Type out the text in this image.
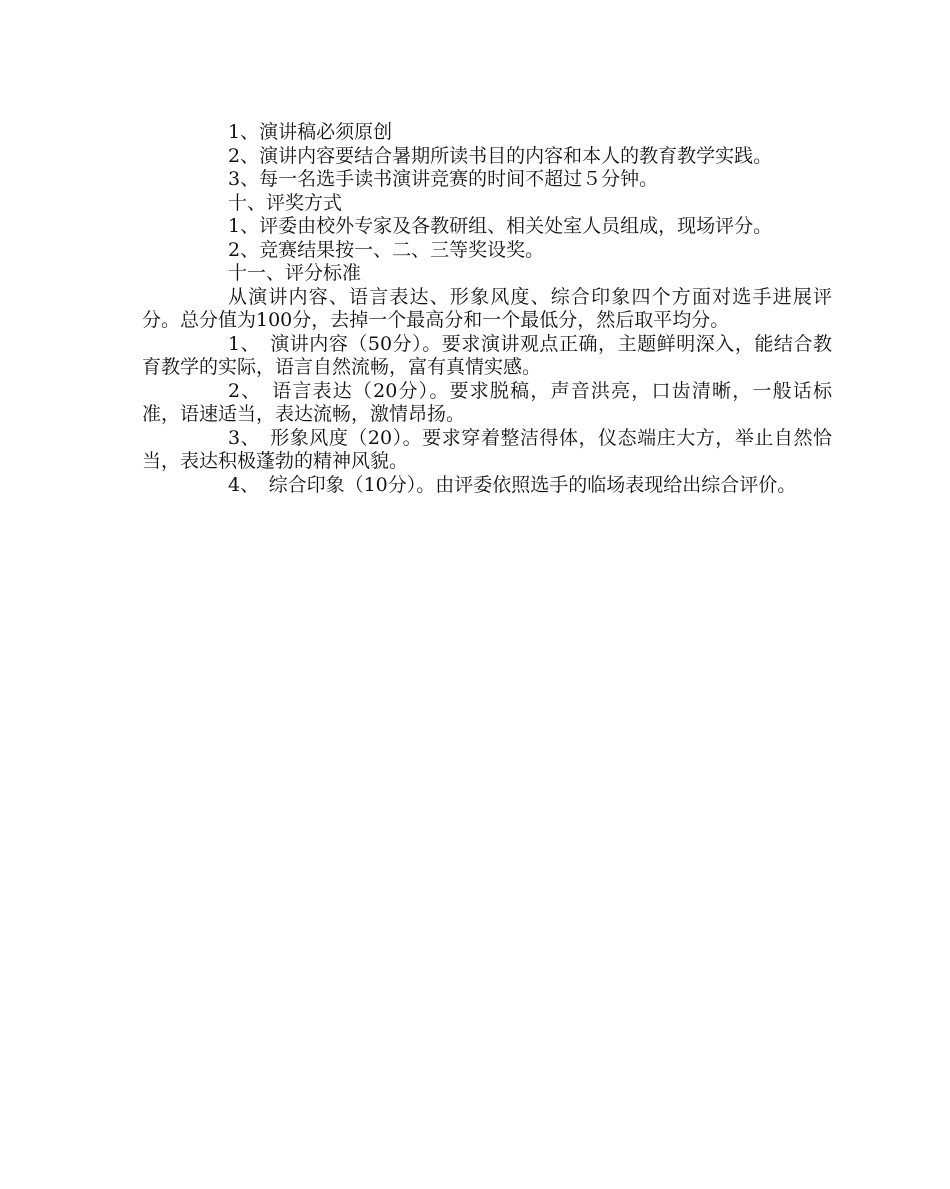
1、演讲稿必须原创

2、演讲内容要结合暑期所读书目的内容和本人的教育教学实践。

3、每一名选手读书演讲竞赛的时间不超过５分钟。

十、评奖方式

1、评委由校外专家及各教研组、相关处室人员组成，现场评分。

2、竞赛结果按一、二、三等奖设奖。

十一、评分标准

从演讲内容、语言表达、形象风度、综合印象四个方面对选手进展评分。总分值为100分，去掉一个最高分和一个最低分，然后取平均分。

1、　演讲内容（50分）。要求演讲观点正确，主题鲜明深入，能结合教育教学的实际，语言自然流畅，富有真情实感。

2、　语言表达（20分）。要求脱稿，声音洪亮，口齿清晰，一般话标准，语速适当，表达流畅，激情昂扬。

3、　形象风度（20）。要求穿着整洁得体，仪态端庄大方，举止自然恰当，表达积极蓬勃的精神风貌。

4、　综合印象（10分）。由评委依照选手的临场表现给出综合评价。
